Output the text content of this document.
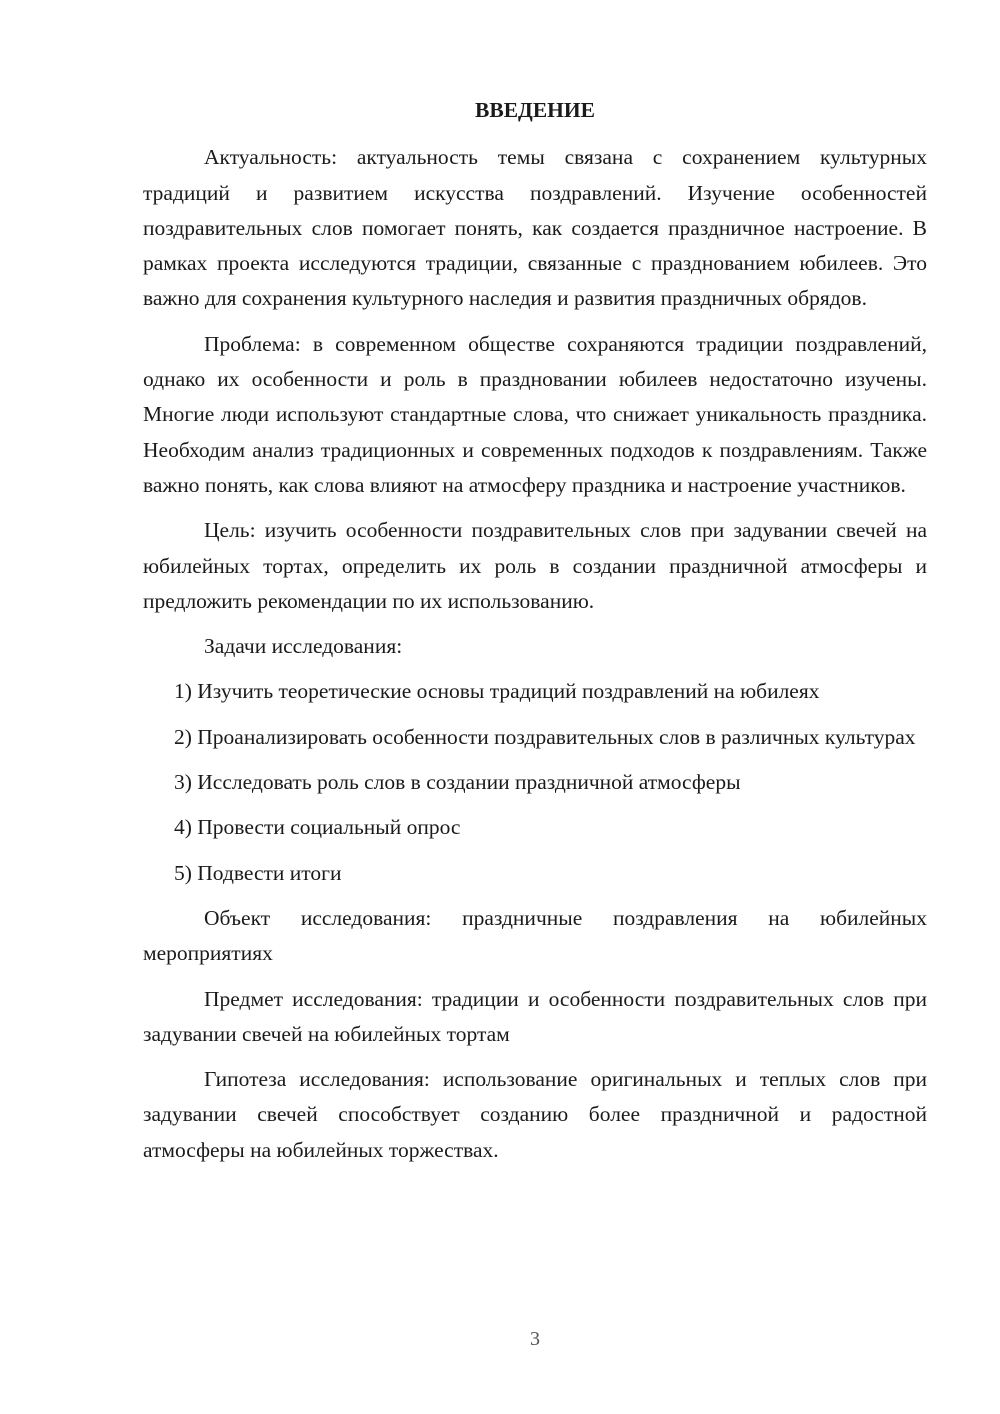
ВВЕДЕНИЕ

Актуальность: актуальность темы связана с сохранением культурных традиций и развитием искусства поздравлений. Изучение особенностей поздравительных слов помогает понять, как создается праздничное настроение. В рамках проекта исследуются традиции, связанные с празднованием юбилеев. Это важно для сохранения культурного наследия и развития праздничных обрядов.

Проблема: в современном обществе сохраняются традиции поздравлений, однако их особенности и роль в праздновании юбилеев недостаточно изучены. Многие люди используют стандартные слова, что снижает уникальность праздника. Необходим анализ традиционных и современных подходов к поздравлениям. Также важно понять, как слова влияют на атмосферу праздника и настроение участников.

Цель: изучить особенности поздравительных слов при задувании свечей на юбилейных тортах, определить их роль в создании праздничной атмосферы и предложить рекомендации по их использованию.

Задачи исследования:

1) Изучить теоретические основы традиций поздравлений на юбилеях

2) Проанализировать особенности поздравительных слов в различных культурах

3) Исследовать роль слов в создании праздничной атмосферы

4) Провести социальный опрос

5) Подвести итоги

Объект исследования: праздничные поздравления на юбилейных мероприятиях

Предмет исследования: традиции и особенности поздравительных слов при задувании свечей на юбилейных тортам

Гипотеза исследования: использование оригинальных и теплых слов при задувании свечей способствует созданию более праздничной и радостной атмосферы на юбилейных торжествах.

3
